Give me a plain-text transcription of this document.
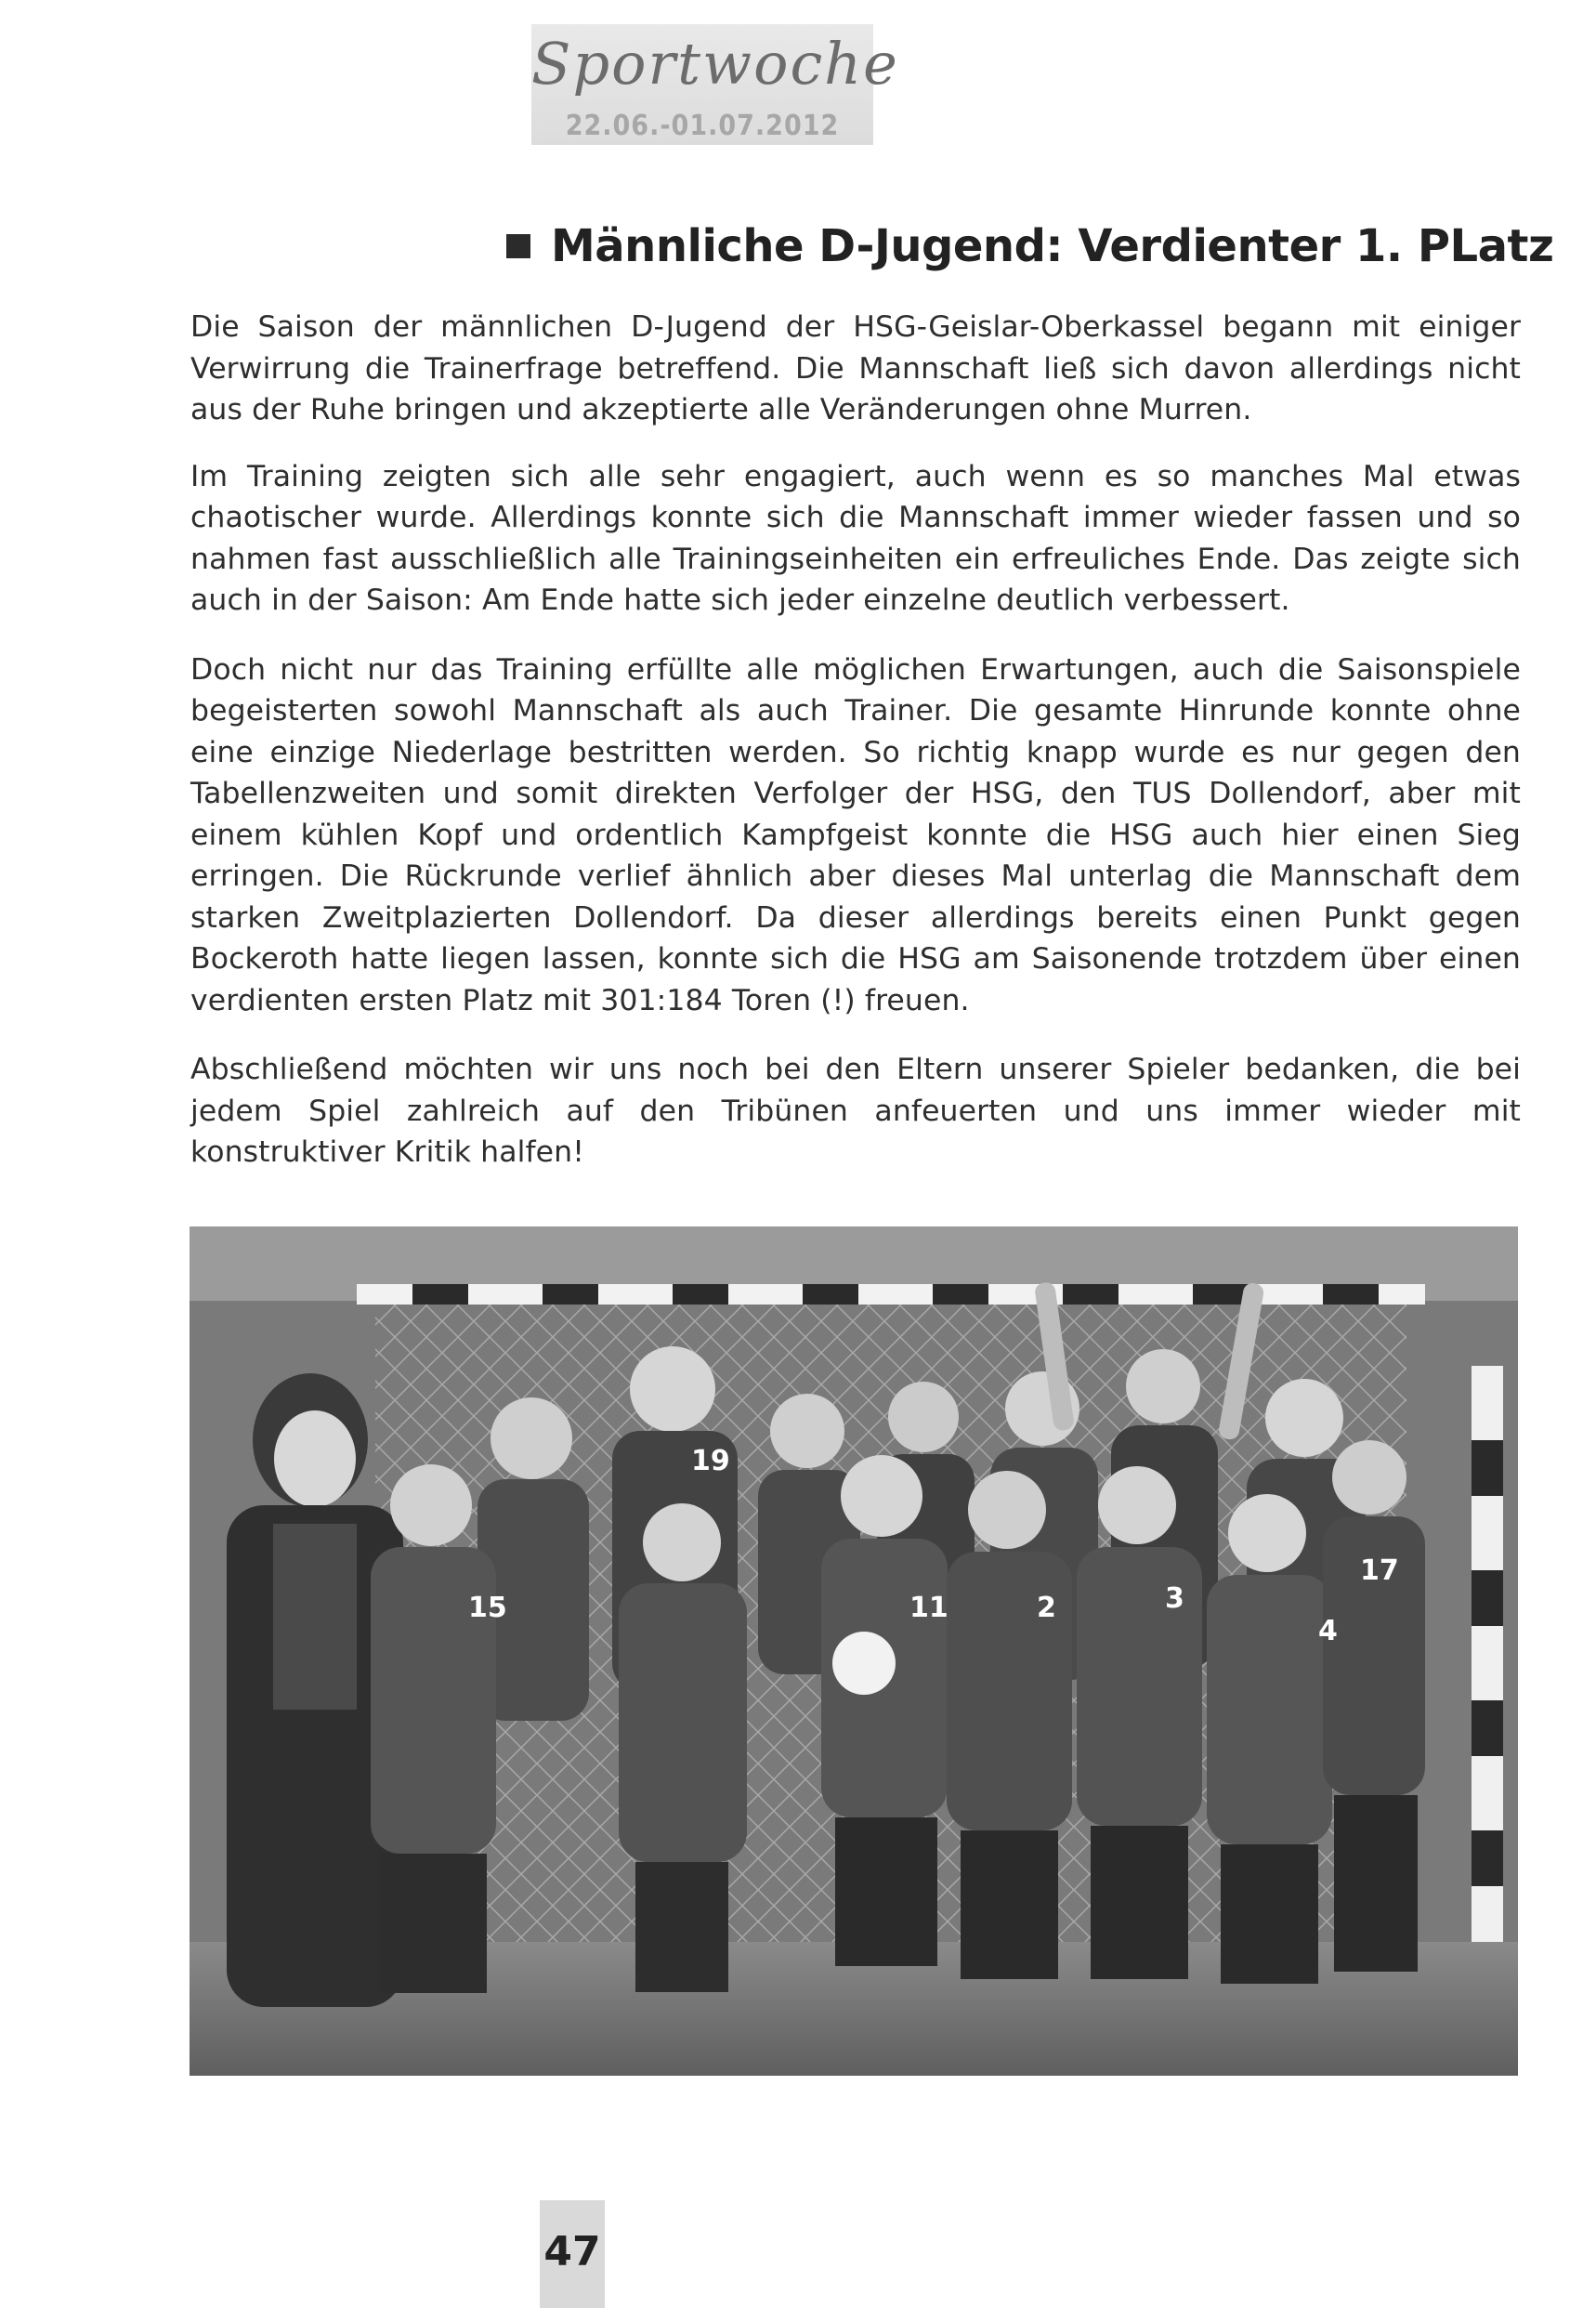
Sportwoche
22.06.-01.07.2012
Männliche D-Jugend: Verdienter 1. PLatz

Die Saison der männlichen D-Jugend der HSG-Geislar-Oberkassel begann mit einiger Verwirrung die Trainerfrage betreffend. Die Mannschaft ließ sich davon allerdings nicht aus der Ruhe bringen und akzeptierte alle Veränderungen ohne Murren.

Im Training zeigten sich alle sehr engagiert, auch wenn es so manches Mal etwas chaotischer wurde. Allerdings konnte sich die Mannschaft immer wieder fassen und so nahmen fast ausschließlich alle Trainingseinheiten ein erfreuliches Ende. Das zeigte sich auch in der Saison: Am Ende hatte sich jeder einzelne deutlich verbessert.

Doch nicht nur das Training erfüllte alle möglichen Erwartungen, auch die Saisonspiele begeisterten sowohl Mannschaft als auch Trainer. Die gesamte Hinrunde konnte ohne eine einzige Niederlage bestritten werden. So richtig knapp wurde es nur gegen den Tabellenzweiten und somit direkten Verfolger der HSG, den TUS Dollendorf, aber mit einem kühlen Kopf und ordentlich Kampfgeist konnte die HSG auch hier einen Sieg erringen. Die Rückrunde verlief ähnlich aber dieses Mal unterlag die Mannschaft dem starken Zweitplazierten Dollendorf. Da dieser allerdings bereits einen Punkt gegen Bockeroth hatte liegen lassen, konnte sich die HSG am Saisonende trotzdem über einen verdienten ersten Platz mit 301:184 Toren (!) freuen.

Abschließend möchten wir uns noch bei den Eltern unserer Spieler bedanken, die bei jedem Spiel zahlreich auf den Tribünen anfeuerten und uns immer wieder mit konstruktiver Kritik halfen!

19
15	11	2	3
4
17
47
